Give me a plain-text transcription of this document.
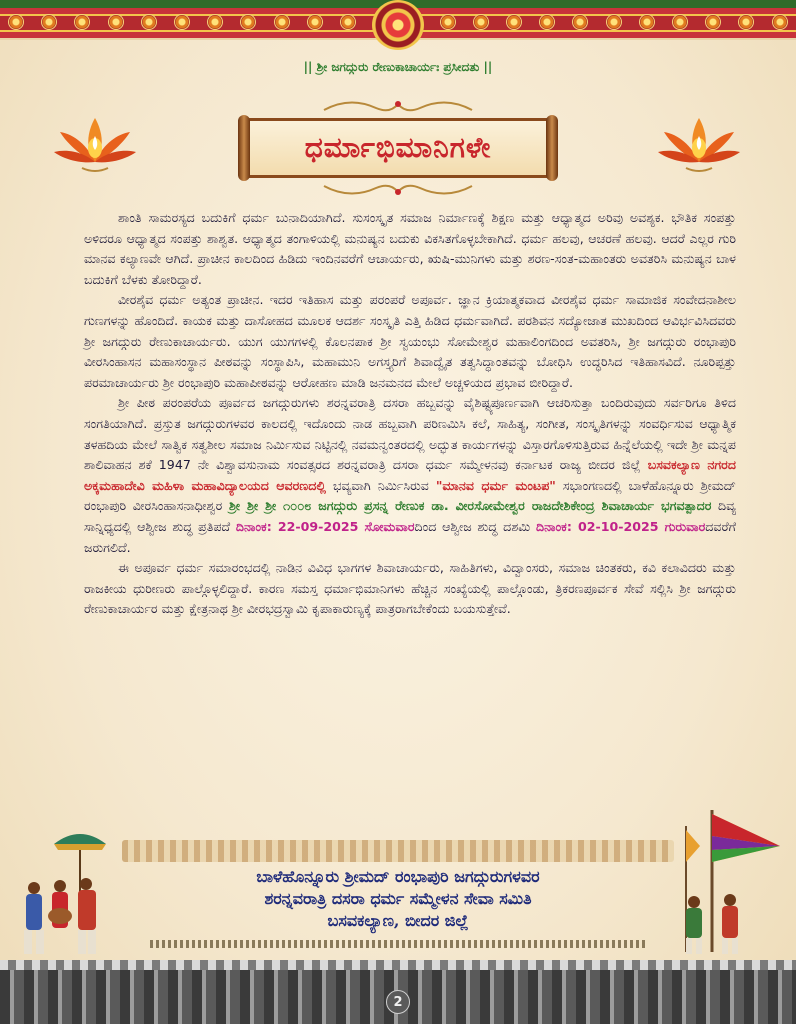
|| ಶ್ರೀ ಜಗದ್ಗುರು ರೇಣುಕಾಚಾರ್ಯಃ ಪ್ರಸೀದತು ||
ಧರ್ಮಾಭಿಮಾನಿಗಳೇ

ಶಾಂತಿ ಸಾಮರಸ್ಯದ ಬದುಕಿಗೆ ಧರ್ಮ ಬುನಾದಿಯಾಗಿದೆ. ಸುಸಂಸ್ಕೃತ ಸಮಾಜ ನಿರ್ಮಾಣಕ್ಕೆ ಶಿಕ್ಷಣ ಮತ್ತು ಆಧ್ಯಾತ್ಮದ ಅರಿವು ಅವಶ್ಯಕ. ಭೌತಿಕ ಸಂಪತ್ತು ಅಳಿದರೂ ಆಧ್ಯಾತ್ಮದ ಸಂಪತ್ತು ಶಾಶ್ವತ. ಆಧ್ಯಾತ್ಮದ ತಂಗಾಳಿಯಲ್ಲಿ ಮನುಷ್ಯನ ಬದುಕು ವಿಕಸಿತಗೊಳ್ಳಬೇಕಾಗಿದೆ. ಧರ್ಮ ಹಲವು, ಆಚರಣೆ ಹಲವು. ಆದರೆ ಎಲ್ಲರ ಗುರಿ ಮಾನವ ಕಲ್ಯಾಣವೇ ಆಗಿದೆ. ಪ್ರಾಚೀನ ಕಾಲದಿಂದ ಹಿಡಿದು ಇಂದಿನವರೆಗೆ ಆಚಾರ್ಯರು, ಋಷಿ-ಮುನಿಗಳು ಮತ್ತು ಶರಣ-ಸಂತ-ಮಹಾಂತರು ಅವತರಿಸಿ ಮನುಷ್ಯನ ಬಾಳ ಬದುಕಿಗೆ ಬೆಳಕು ತೋರಿದ್ದಾರೆ.

ವೀರಶೈವ ಧರ್ಮ ಅತ್ಯಂತ ಪ್ರಾಚೀನ. ಇದರ ಇತಿಹಾಸ ಮತ್ತು ಪರಂಪರೆ ಅಪೂರ್ವ. ಜ್ಞಾನ ಕ್ರಿಯಾತ್ಮಕವಾದ ವೀರಶೈವ ಧರ್ಮ ಸಾಮಾಜಿಕ ಸಂವೇದನಾಶೀಲ ಗುಣಗಳನ್ನು ಹೊಂದಿದೆ. ಕಾಯಕ ಮತ್ತು ದಾಸೋಹದ ಮೂಲಕ ಆದರ್ಶ ಸಂಸ್ಕೃತಿ ಎತ್ತಿ ಹಿಡಿದ ಧರ್ಮವಾಗಿದೆ. ಪರಶಿವನ ಸದ್ಯೋಜಾತ ಮುಖದಿಂದ ಆವಿರ್ಭವಿಸಿದವರು ಶ್ರೀ ಜಗದ್ಗುರು ರೇಣುಕಾಚಾರ್ಯರು. ಯುಗ ಯುಗಗಳಲ್ಲಿ ಕೊಲನಪಾಕ ಶ್ರೀ ಸ್ವಯಂಭು ಸೋಮೇಶ್ವರ ಮಹಾಲಿಂಗದಿಂದ ಅವತರಿಸಿ, ಶ್ರೀ ಜಗದ್ಗುರು ರಂಭಾಪುರಿ ವೀರಸಿಂಹಾಸನ ಮಹಾಸಂಸ್ಥಾನ ಪೀಠವನ್ನು ಸಂಸ್ಥಾಪಿಸಿ, ಮಹಾಮುನಿ ಅಗಸ್ತ್ಯರಿಗೆ ಶಿವಾದ್ವೈತ ತತ್ವಸಿದ್ಧಾಂತವನ್ನು ಬೋಧಿಸಿ ಉದ್ಧರಿಸಿದ ಇತಿಹಾಸವಿದೆ. ನೂರಿಪ್ಪತ್ತು ಪರಮಾಚಾರ್ಯರು ಶ್ರೀ ರಂಭಾಪುರಿ ಮಹಾಪೀಠವನ್ನು ಆರೋಹಣ ಮಾಡಿ ಜನಮನದ ಮೇಲೆ ಅಚ್ಚಳಿಯದ ಪ್ರಭಾವ ಬೀರಿದ್ದಾರೆ.

ಶ್ರೀ ಪೀಠ ಪರಂಪರೆಯ ಪೂರ್ವದ ಜಗದ್ಗುರುಗಳು ಶರನ್ನವರಾತ್ರಿ ದಸರಾ ಹಬ್ಬವನ್ನು ವೈಶಿಷ್ಟ್ಯಪೂರ್ಣವಾಗಿ ಆಚರಿಸುತ್ತಾ ಬಂದಿರುವುದು ಸರ್ವರಿಗೂ ತಿಳಿದ ಸಂಗತಿಯಾಗಿದೆ. ಪ್ರಸ್ತುತ ಜಗದ್ಗುರುಗಳವರ ಕಾಲದಲ್ಲಿ ಇದೊಂದು ನಾಡ ಹಬ್ಬವಾಗಿ ಪರಿಣಮಿಸಿ ಕಲೆ, ಸಾಹಿತ್ಯ, ಸಂಗೀತ, ಸಂಸ್ಕೃತಿಗಳನ್ನು ಸಂವರ್ಧಿಸುವ ಆಧ್ಯಾತ್ಮಿಕ ತಳಹದಿಯ ಮೇಲೆ ಸಾತ್ವಿಕ ಸತ್ವಶೀಲ ಸಮಾಜ ನಿರ್ಮಿಸುವ ನಿಟ್ಟಿನಲ್ಲಿ ನವಮನ್ವಂತರದಲ್ಲಿ ಅದ್ಭುತ ಕಾರ್ಯಗಳನ್ನು ವಿಸ್ತಾರಗೊಳಿಸುತ್ತಿರುವ ಹಿನ್ನೆಲೆಯಲ್ಲಿ ಇದೇ ಶ್ರೀ ಮನ್ನಪ ಶಾಲಿವಾಹನ ಶಕೆ 1947 ನೇ ವಿಶ್ವಾವಸುನಾಮ ಸಂವತ್ಸರದ ಶರನ್ನವರಾತ್ರಿ ದಸರಾ ಧರ್ಮ ಸಮ್ಮೇಳನವು ಕರ್ನಾಟಕ ರಾಜ್ಯ ಬೀದರ ಜಿಲ್ಲೆ ಬಸವಕಲ್ಯಾಣ ನಗರದ ಅಕ್ಕಮಹಾದೇವಿ ಮಹಿಳಾ ಮಹಾವಿದ್ಯಾಲಯದ ಆವರಣದಲ್ಲಿ ಭವ್ಯವಾಗಿ ನಿರ್ಮಿಸಿರುವ "ಮಾನವ ಧರ್ಮ ಮಂಟಪ" ಸಭಾಂಗಣದಲ್ಲಿ ಬಾಳೆಹೊನ್ನೂರು ಶ್ರೀಮದ್ ರಂಭಾಪುರಿ ವೀರಸಿಂಹಾಸನಾಧೀಶ್ವರ ಶ್ರೀ ಶ್ರೀ ಶ್ರೀ ೧೦೦೮ ಜಗದ್ಗುರು ಪ್ರಸನ್ನ ರೇಣುಕ ಡಾ. ವೀರಸೋಮೇಶ್ವರ ರಾಜದೇಶಿಕೇಂದ್ರ ಶಿವಾಚಾರ್ಯ ಭಗವತ್ಪಾದರ ದಿವ್ಯ ಸಾನ್ನಿಧ್ಯದಲ್ಲಿ ಆಶ್ವೀಜ ಶುದ್ಧ ಪ್ರತಿಪದೆ ದಿನಾಂಕ: 22-09-2025 ಸೋಮವಾರದಿಂದ ಆಶ್ವೀಜ ಶುದ್ಧ ದಶಮಿ ದಿನಾಂಕ: 02-10-2025 ಗುರುವಾರದವರೆಗೆ ಜರುಗಲಿದೆ.

ಈ ಅಪೂರ್ವ ಧರ್ಮ ಸಮಾರಂಭದಲ್ಲಿ ನಾಡಿನ ವಿವಿಧ ಭಾಗಗಳ ಶಿವಾಚಾರ್ಯರು, ಸಾಹಿತಿಗಳು, ವಿದ್ವಾಂಸರು, ಸಮಾಜ ಚಿಂತಕರು, ಕವಿ ಕಲಾವಿದರು ಮತ್ತು ರಾಜಕೀಯ ಧುರೀಣರು ಪಾಲ್ಗೊಳ್ಳಲಿದ್ದಾರೆ. ಕಾರಣ ಸಮಸ್ತ ಧರ್ಮಾಭಿಮಾನಿಗಳು ಹೆಚ್ಚಿನ ಸಂಖ್ಯೆಯಲ್ಲಿ ಪಾಲ್ಗೊಂಡು, ತ್ರಿಕರಣಪೂರ್ವಕ ಸೇವೆ ಸಲ್ಲಿಸಿ ಶ್ರೀ ಜಗದ್ಗುರು ರೇಣುಕಾಚಾರ್ಯರ ಮತ್ತು ಕ್ಷೇತ್ರನಾಥ ಶ್ರೀ ವೀರಭದ್ರಸ್ವಾಮಿ ಕೃಪಾಕಾರುಣ್ಯಕ್ಕೆ ಪಾತ್ರರಾಗಬೇಕೆಂದು ಬಯಸುತ್ತೇವೆ.

ಬಾಳೆಹೊನ್ನೂರು ಶ್ರೀಮದ್ ರಂಭಾಪುರಿ ಜಗದ್ಗುರುಗಳವರ
ಶರನ್ನವರಾತ್ರಿ ದಸರಾ ಧರ್ಮ ಸಮ್ಮೇಳನ ಸೇವಾ ಸಮಿತಿ
ಬಸವಕಲ್ಯಾಣ, ಬೀದರ ಜಿಲ್ಲೆ
2
